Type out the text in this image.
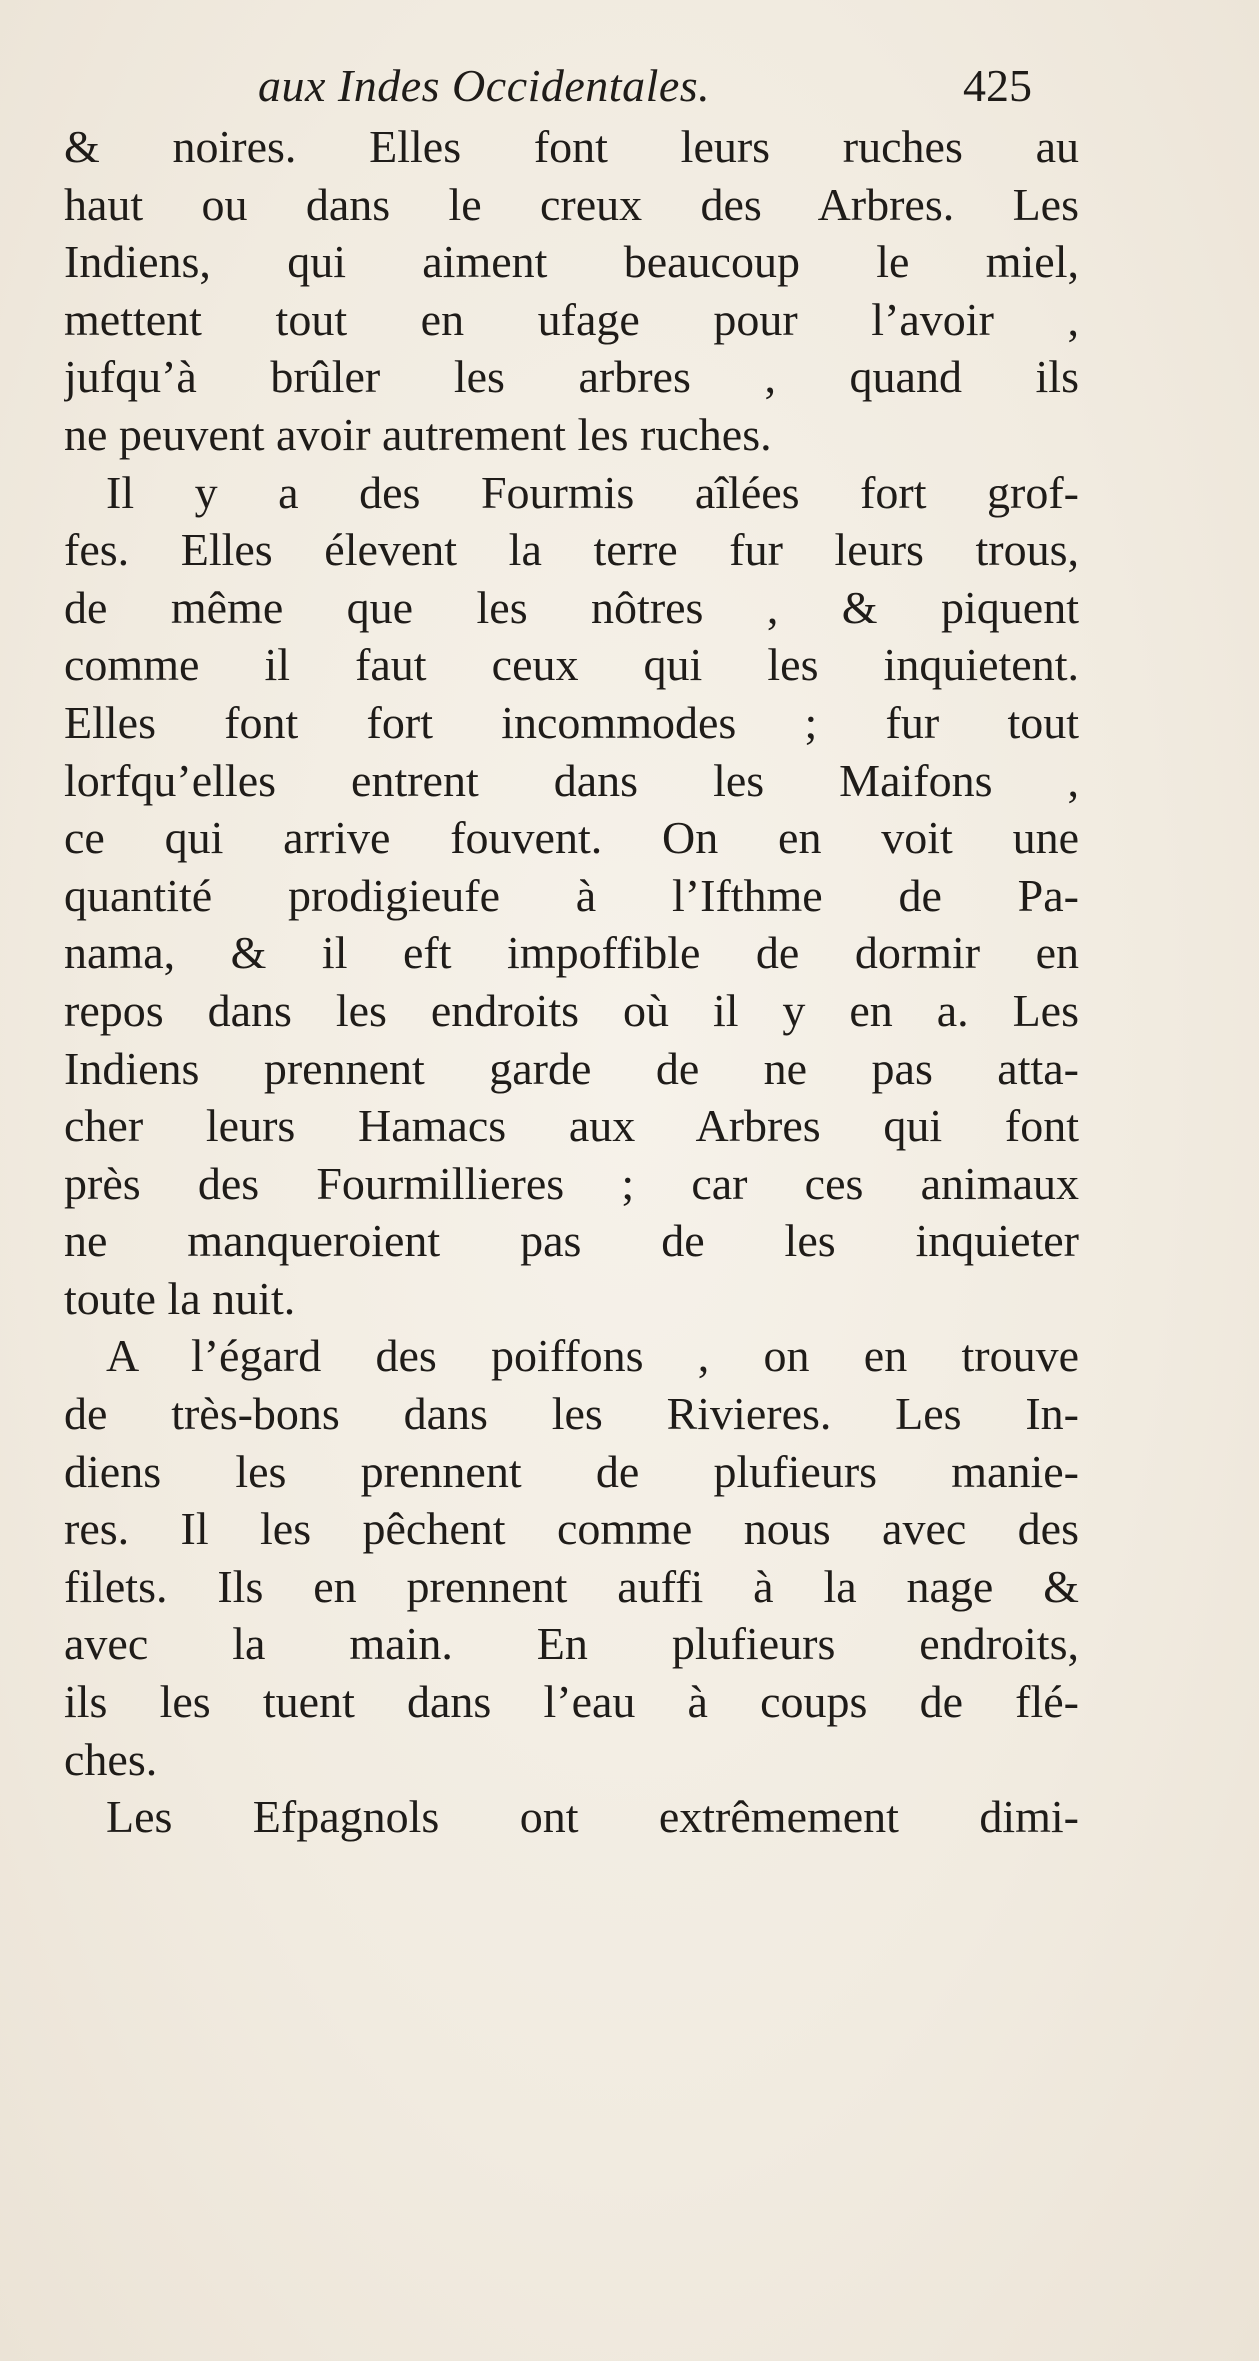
aux Indes Occidentales.	425
& noires. Elles font leurs ruches au
haut ou dans le creux des Arbres. Les
Indiens, qui aiment beaucoup le miel,
mettent tout en ufage pour l’avoir ,
jufqu’à brûler les arbres , quand ils
ne peuvent avoir autrement les ruches.
Il y a des Fourmis aîlées fort grof-
fes. Elles élevent la terre fur leurs trous,
de même que les nôtres , & piquent
comme il faut ceux qui les inquietent.
Elles font fort incommodes ; fur tout
lorfqu’elles entrent dans les Maifons ,
ce qui arrive fouvent. On en voit une
quantité prodigieufe à l’Ifthme de Pa-
nama, & il eft impoffible de dormir en
repos dans les endroits où il y en a. Les
Indiens prennent garde de ne pas atta-
cher leurs Hamacs aux Arbres qui font
près des Fourmillieres ; car ces animaux
ne manqueroient pas de les inquieter
toute la nuit.
A l’égard des poiffons , on en trouve
de très-bons dans les Rivieres. Les In-
diens les prennent de plufieurs manie-
res. Il les pêchent comme nous avec des
filets. Ils en prennent auffi à la nage &
avec la main. En plufieurs endroits,
ils les tuent dans l’eau à coups de flé-
ches.
Les Efpagnols ont extrêmement dimi-
